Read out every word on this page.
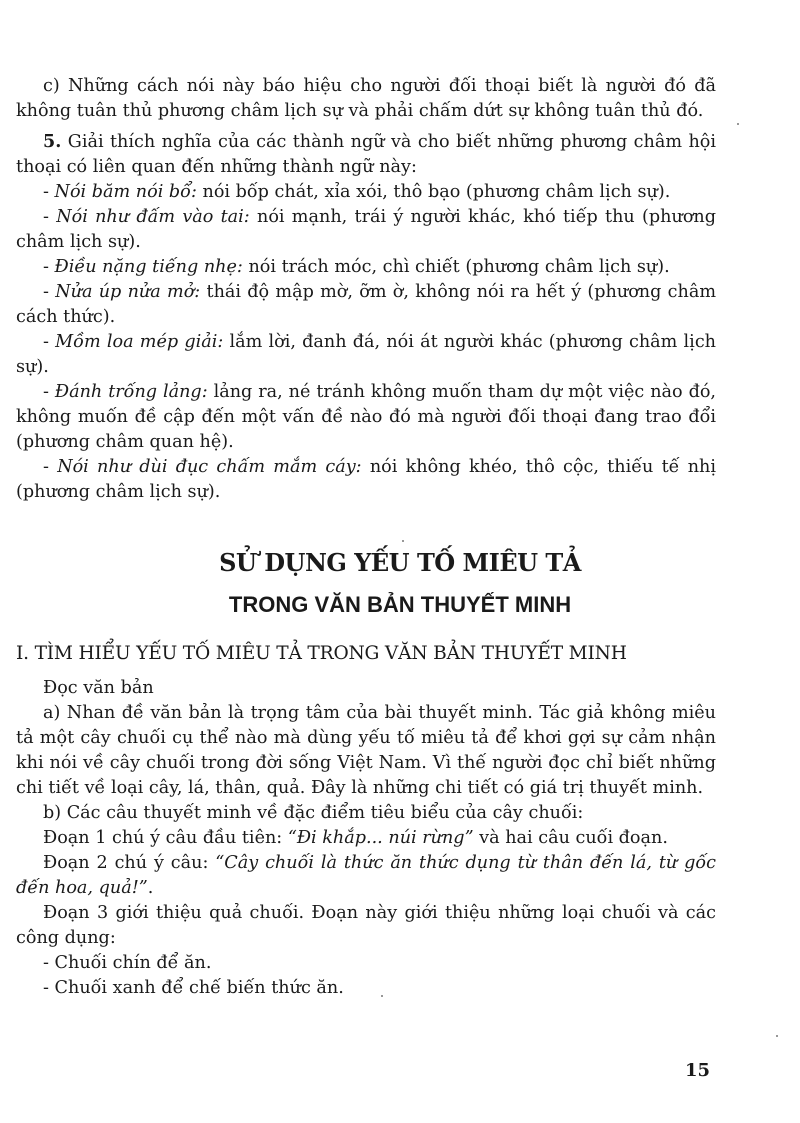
c) Những cách nói này báo hiệu cho người đối thoại biết là người đó đã không tuân thủ phương châm lịch sự và phải chấm dứt sự không tuân thủ đó.

5. Giải thích nghĩa của các thành ngữ và cho biết những phương châm hội thoại có liên quan đến những thành ngữ này:

- Nói băm nói bổ: nói bốp chát, xỉa xói, thô bạo (phương châm lịch sự).

- Nói như đấm vào tai: nói mạnh, trái ý người khác, khó tiếp thu (phương châm lịch sự).

- Điều nặng tiếng nhẹ: nói trách móc, chì chiết (phương châm lịch sự).

- Nửa úp nửa mở: thái độ mập mờ, ỡm ờ, không nói ra hết ý (phương châm cách thức).

- Mồm loa mép giải: lắm lời, đanh đá, nói át người khác (phương châm lịch sự).

- Đánh trống lảng: lảng ra, né tránh không muốn tham dự một việc nào đó, không muốn đề cập đến một vấn đề nào đó mà người đối thoại đang trao đổi (phương châm quan hệ).

- Nói như dùi đục chấm mắm cáy: nói không khéo, thô cộc, thiếu tế nhị (phương châm lịch sự).

SỬ DỤNG YẾU TỐ MIÊU TẢ
TRONG VĂN BẢN THUYẾT MINH
I. TÌM HIỂU YẾU TỐ MIÊU TẢ TRONG VĂN BẢN THUYẾT MINH

Đọc văn bản

a) Nhan đề văn bản là trọng tâm của bài thuyết minh. Tác giả không miêu tả một cây chuối cụ thể nào mà dùng yếu tố miêu tả để khơi gợi sự cảm nhận khi nói về cây chuối trong đời sống Việt Nam. Vì thế người đọc chỉ biết những chi tiết về loại cây, lá, thân, quả. Đây là những chi tiết có giá trị thuyết minh.

b) Các câu thuyết minh về đặc điểm tiêu biểu của cây chuối:

Đoạn 1 chú ý câu đầu tiên: “Đi khắp... núi rừng” và hai câu cuối đoạn.

Đoạn 2 chú ý câu: “Cây chuối là thức ăn thức dụng từ thân đến lá, từ gốc đến hoa, quả!”.

Đoạn 3 giới thiệu quả chuối. Đoạn này giới thiệu những loại chuối và các công dụng:

- Chuối chín để ăn.

- Chuối xanh để chế biến thức ăn.

15
